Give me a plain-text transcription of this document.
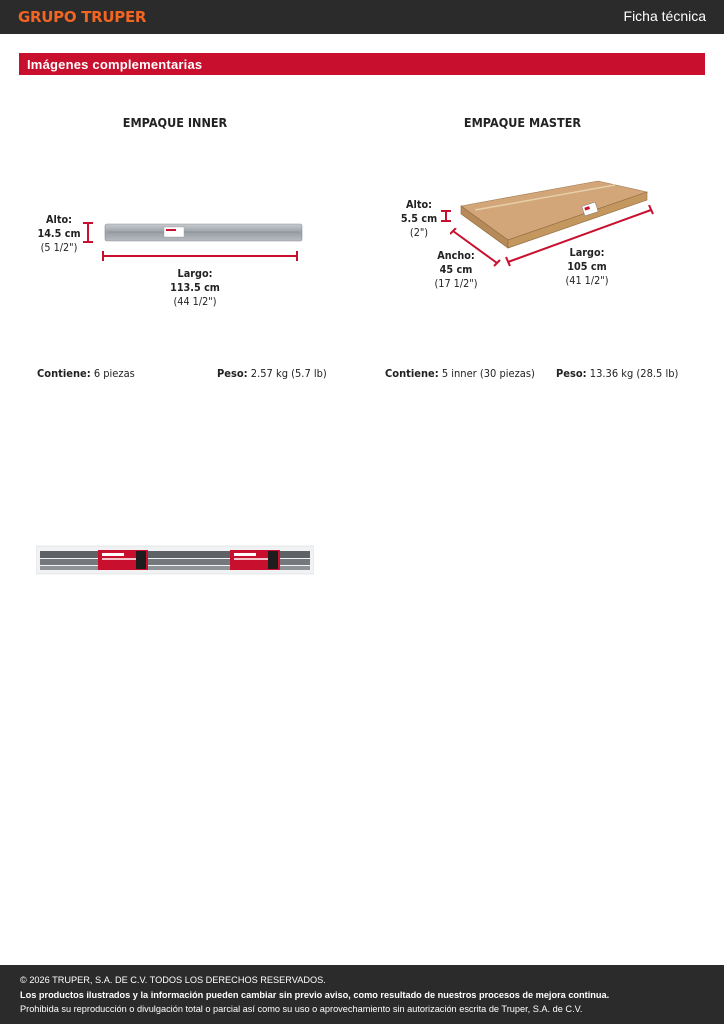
GRUPO TRUPER	Ficha técnica
Imágenes complementarias
EMPAQUE INNER
Alto:
14.5 cm
(5 1/2")
Largo:
113.5 cm
(44 1/2")
EMPAQUE MASTER
Alto:
5.5 cm
(2")
Ancho:
45 cm
(17 1/2")
Largo:
105 cm
(41 1/2")
Contiene: 6 piezas	Peso: 2.57 kg (5.7 lb)	Contiene: 5 inner (30 piezas) Peso: 13.36 kg (28.5 lb)
© 2026 TRUPER, S.A. DE C.V. TODOS LOS DERECHOS RESERVADOS.
Los productos ilustrados y la información pueden cambiar sin previo aviso, como resultado de nuestros procesos de mejora continua.
Prohibida su reproducción o divulgación total o parcial así como su uso o aprovechamiento sin autorización escrita de Truper, S.A. de C.V.
